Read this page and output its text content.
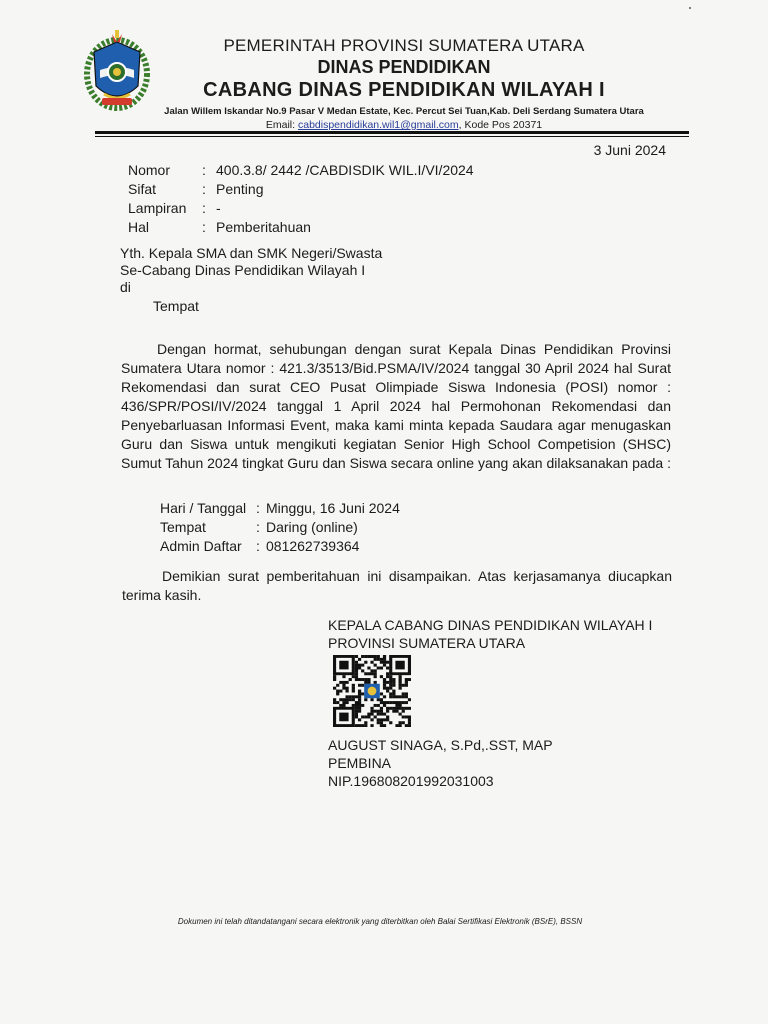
PEMERINTAH PROVINSI SUMATERA UTARA
DINAS PENDIDIKAN
CABANG DINAS PENDIDIKAN WILAYAH I
Jalan Willem Iskandar No.9 Pasar V Medan Estate, Kec. Percut Sei Tuan,Kab. Deli Serdang Sumatera Utara
Email: cabdispendidikan.wil1@gmail.com, Kode Pos 20371
3 Juni 2024
Nomor	: 400.3.8/ 2442 /CABDISDIK WIL.I/VI/2024
Sifat	: Penting
Lampiran	: -
Hal	: Pemberitahuan
Yth. Kepala SMA dan SMK Negeri/Swasta
Se-Cabang Dinas Pendidikan Wilayah I
di
Tempat
Dengan hormat, sehubungan dengan surat Kepala Dinas Pendidikan Provinsi Sumatera Utara nomor : 421.3/3513/Bid.PSMA/IV/2024 tanggal 30 April 2024 hal Surat Rekomendasi dan surat CEO Pusat Olimpiade Siswa Indonesia (POSI) nomor : 436/SPR/POSI/IV/2024 tanggal 1 April 2024 hal Permohonan Rekomendasi dan Penyebarluasan Informasi Event, maka kami minta kepada Saudara agar menugaskan Guru dan Siswa untuk mengikuti kegiatan Senior High School Competision (SHSC) Sumut Tahun 2024 tingkat Guru dan Siswa secara online yang akan dilaksanakan pada :
Hari / Tanggal : Minggu, 16 Juni 2024
Tempat	: Daring (online)
Admin Daftar	: 081262739364
Demikian surat pemberitahuan ini disampaikan. Atas kerjasamanya diucapkan terima kasih.
KEPALA CABANG DINAS PENDIDIKAN WILAYAH I
PROVINSI SUMATERA UTARA
AUGUST SINAGA, S.Pd,.SST, MAP
PEMBINA
NIP.196808201992031003
Dokumen ini telah ditandatangani secara elektronik yang diterbitkan oleh Balai Sertifikasi Elektronik (BSrE), BSSN
